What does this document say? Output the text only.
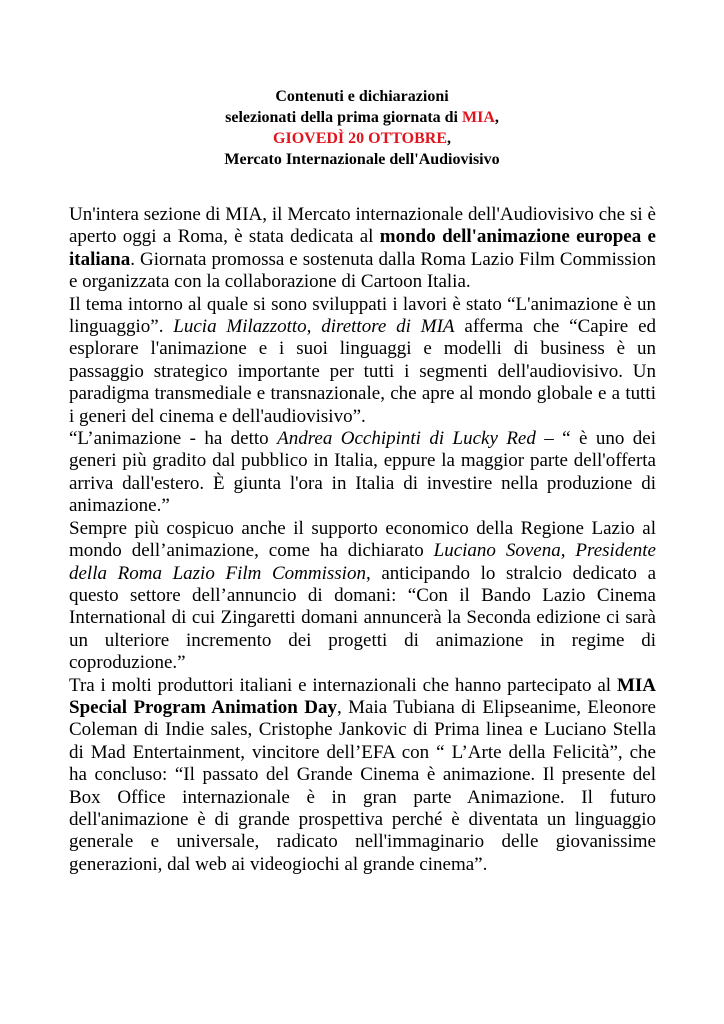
Contenuti e dichiarazioni
selezionati della prima giornata di MIA,
GIOVEDÌ 20 OTTOBRE,
Mercato Internazionale dell'Audiovisivo

Un'intera sezione di MIA, il Mercato internazionale dell'Audiovisivo che si è aperto oggi a Roma, è stata dedicata al mondo dell'animazione europea e italiana. Giornata promossa e sostenuta dalla Roma Lazio Film Commission e organizzata con la collaborazione di Cartoon Italia.

Il tema intorno al quale si sono sviluppati i lavori è stato “L'animazione è un linguaggio”. Lucia Milazzotto, direttore di MIA afferma che “Capire ed esplorare l'animazione e i suoi linguaggi e modelli di business è un passaggio strategico importante per tutti i segmenti dell'audiovisivo. Un paradigma transmediale e transnazionale, che apre al mondo globale e a tutti i generi del cinema e dell'audiovisivo”.

“L’animazione - ha detto Andrea Occhipinti di Lucky Red – “ è uno dei generi più gradito dal pubblico in Italia, eppure la maggior parte dell'offerta arriva dall'estero. È giunta l'ora in Italia di investire nella produzione di animazione.”

Sempre più cospicuo anche il supporto economico della Regione Lazio al mondo dell’animazione, come ha dichiarato Luciano Sovena, Presidente della Roma Lazio Film Commission, anticipando lo stralcio dedicato a questo settore dell’annuncio di domani: “Con il Bando Lazio Cinema International di cui Zingaretti domani annuncerà la Seconda edizione ci sarà un ulteriore incremento dei progetti di animazione in regime di coproduzione.”

Tra i molti produttori italiani e internazionali che hanno partecipato al MIA Special Program Animation Day, Maia Tubiana di Elipseanime, Eleonore Coleman di Indie sales, Cristophe Jankovic di Prima linea e Luciano Stella di Mad Entertainment, vincitore dell’EFA con “ L’Arte della Felicità”, che ha concluso: “Il passato del Grande Cinema è animazione. Il presente del Box Office internazionale è in gran parte Animazione. Il futuro dell'animazione è di grande prospettiva perché è diventata un linguaggio generale e universale, radicato nell'immaginario delle giovanissime generazioni, dal web ai videogiochi al grande cinema”.
